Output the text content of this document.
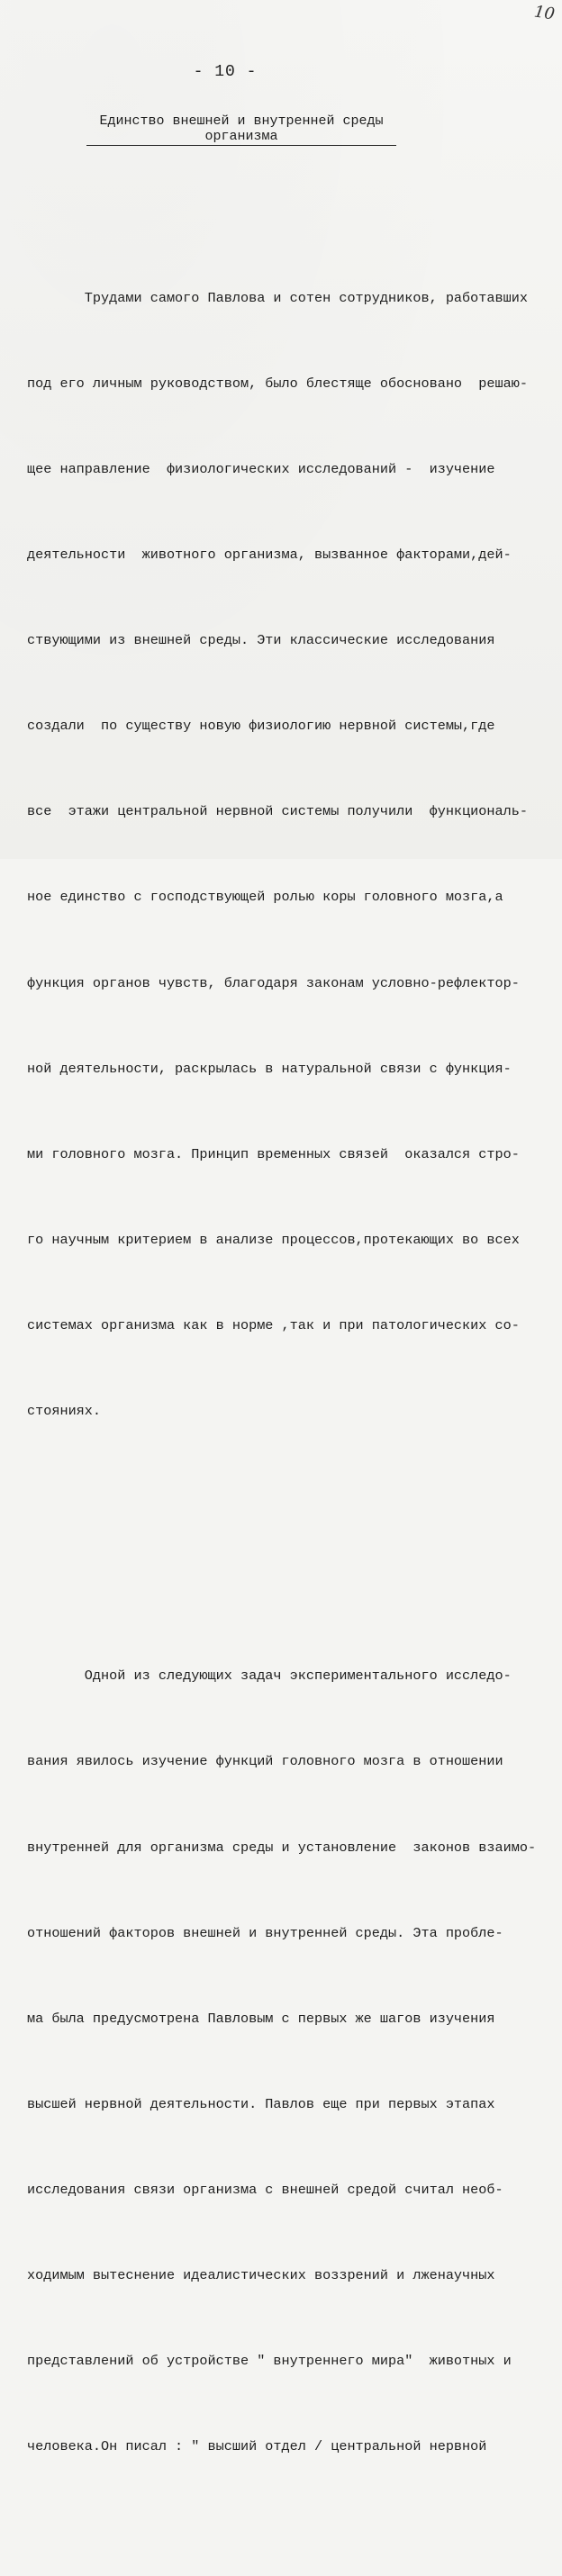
10
- 10 -
Единство внешней и внутренней среды
организма

Трудами самого Павлова и сотен сотрудников, работавших

под его личным руководством, было блестяще обосновано  решаю-

щее направление  физиологических исследований -  изучение

деятельности  животного организма, вызванное факторами,дей-

ствующими из внешней среды. Эти классические исследования

создали  по существу новую физиологию нервной системы,где

все  этажи центральной нервной системы получили  функциональ-

ное единство с господствующей ролью коры головного мозга,а

функция органов чувств, благодаря законам условно-рефлектор-

ной деятельности, раскрылась в натуральной связи с функция-

ми головного мозга. Принцип временных связей  оказался стро-

го научным критерием в анализе процессов,протекающих во всех

системах организма как в норме ,так и при патологических со-

стояниях.

Одной из следующих задач экспериментального исследо-

вания явилось изучение функций головного мозга в отношении

внутренней для организма среды и установление  законов взаимо-

отношений факторов внешней и внутренней среды. Эта пробле-

ма была предусмотрена Павловым с первых же шагов изучения

высшей нервной деятельности. Павлов еще при первых этапах

исследования связи организма с внешней средой считал необ-

ходимым вытеснение идеалистических воззрений и лженаучных

представлений об устройстве " внутреннего мира"  животных и

человека.Он писал : " высший отдел / центральной нервной
